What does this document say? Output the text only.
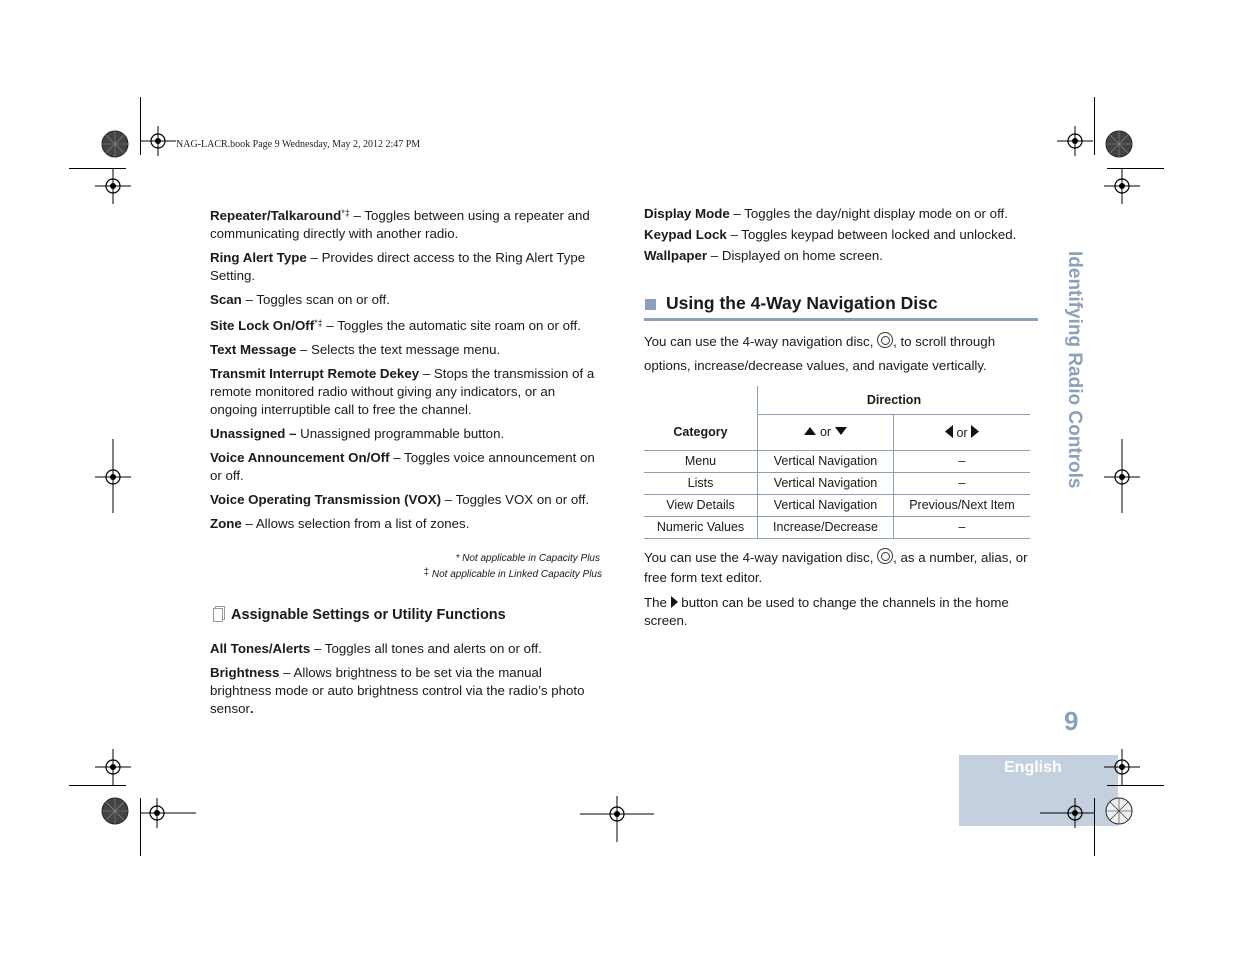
NAG-LACR.book Page 9 Wednesday, May 2, 2012 2:47 PM

Repeater/Talkaround*‡ – Toggles between using a repeater and communicating directly with another radio.

Ring Alert Type – Provides direct access to the Ring Alert Type Setting.

Scan – Toggles scan on or off.

Site Lock On/Off*‡ – Toggles the automatic site roam on or off.

Text Message – Selects the text message menu.

Transmit Interrupt Remote Dekey – Stops the transmission of a remote monitored radio without giving any indicators, or an ongoing interruptible call to free the channel.

Unassigned – Unassigned programmable button.

Voice Announcement On/Off – Toggles voice announcement on or off.

Voice Operating Transmission (VOX) – Toggles VOX on or off.

Zone – Allows selection from a list of zones.

* Not applicable in Capacity Plus
‡ Not applicable in Linked Capacity Plus
Assignable Settings or Utility Functions

All Tones/Alerts – Toggles all tones and alerts on or off.

Brightness – Allows brightness to be set via the manual brightness mode or auto brightness control via the radio’s photo sensor.

Display Mode – Toggles the day/night display mode on or off.

Keypad Lock – Toggles keypad between locked and unlocked.

Wallpaper – Displayed on home screen.

Using the 4-Way Navigation Disc
You can use the 4-way navigation disc, , to scroll through options, increase/decrease values, and navigate vertically.
Category	Direction	
	or	or
Menu	Vertical Navigation	–
Lists	Vertical Navigation	–
View Details	Vertical Navigation	Previous/Next Item
Numeric Values	Increase/Decrease	–
You can use the 4-way navigation disc, , as a number, alias, or free form text editor.
The  button can be used to change the channels in the home screen.
Identifying Radio Controls
9
English
